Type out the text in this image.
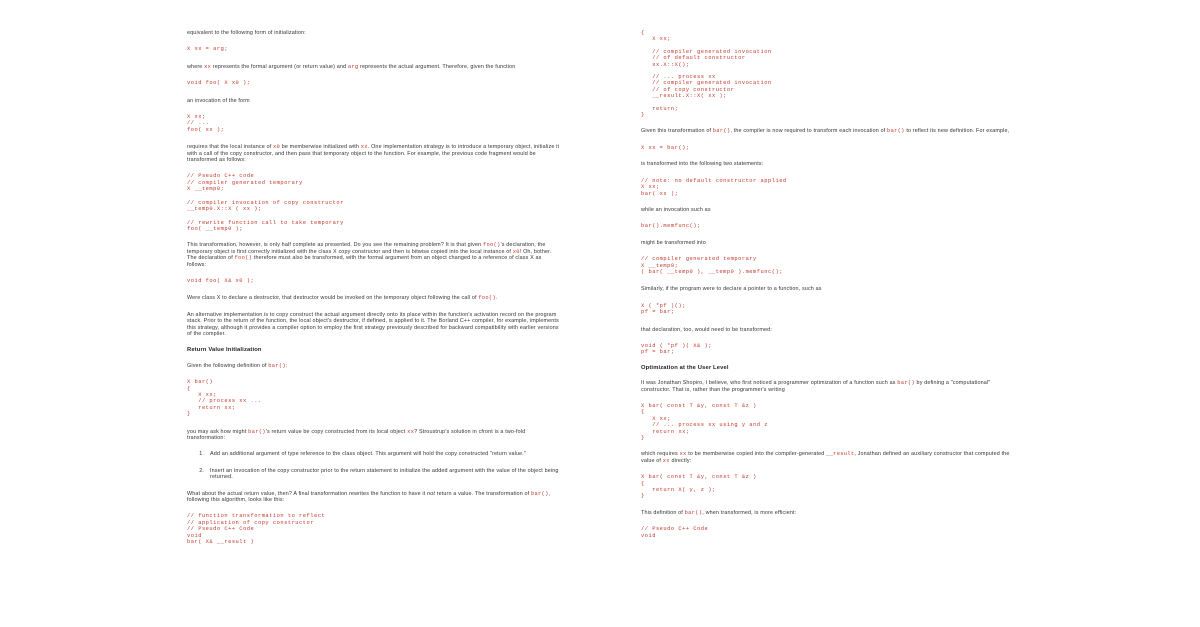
equivalent to the following form of initialization:
X xx = arg;
where xx represents the formal argument (or return value) and arg represents the actual argument. Therefore, given the function
void foo( X x0 );
an invocation of the form
X xx;
// ...
foo( xx );
requires that the local instance of x0 be memberwise initialized with xx. One implementation strategy is to introduce a temporary object, initialize it with a call of the copy constructor, and then pass that temporary object to the function. For example, the previous code fragment would be transformed as follows:
// Pseudo C++ code
// compiler generated temporary
X __temp0;
// compiler invocation of copy constructor
__temp0.X::X ( xx );
// rewrite function call to take temporary
foo( __temp0 );
This transformation, however, is only half complete as presented. Do you see the remaining problem? It is that given foo()'s declaration, the temporary object is first correctly initialized with the class X copy constructor and then is bitwise copied into the local instance of x0! Oh, bother. The declaration of foo() therefore must also be transformed, with the formal argument from an object changed to a reference of class X as follows:
void foo( X& x0 );
Were class X to declare a destructor, that destructor would be invoked on the temporary object following the call of foo().
An alternative implementation is to copy construct the actual argument directly onto its place within the function's activation record on the program stack. Prior to the return of the function, the local object's destructor, if defined, is applied to it. The Borland C++ compiler, for example, implements this strategy, although it provides a compiler option to employ the first strategy previously described for backward compatibility with earlier versions of the compiler.
Return Value Initialization
Given the following definition of bar():
X bar()
{
X xx;
// process xx ...
return xx;
}
you may ask how might bar()'s return value be copy constructed from its local object xx? Stroustrup's solution in cfront is a two-fold transformation:
1.	Add an additional argument of type reference to the class object. This argument will hold the copy constructed "return value."
2.	Insert an invocation of the copy constructor prior to the return statement to initialize the added argument with the value of the object being returned.
What about the actual return value, then? A final transformation rewrites the function to have it not return a value. The transformation of bar(), following this algorithm, looks like this:
// function transformation to reflect
// application of copy constructor
// Pseudo C++ Code
void
bar( X& __result )
{
X xx;
// compiler generated invocation
// of default constructor
xx.X::X();
// ... process xx
// compiler generated invocation
// of copy constructor
__result.X::X( xx );
return;
}
Given this transformation of bar(), the compiler is now required to transform each invocation of bar() to reflect its new definition. For example,
X xx = bar();
is transformed into the following two statements:
// note: no default constructor applied
X xx;
bar( xx );
while an invocation such as
bar().memfunc();
might be transformed into
// compiler generated temporary
X __temp0;
( bar( __temp0 ), __temp0 ).memfunc();
Similarly, if the program were to declare a pointer to a function, such as
X ( *pf )();
pf = bar;
that declaration, too, would need to be transformed:
void ( *pf )( X& );
pf = bar;
Optimization at the User Level
It was Jonathan Shopiro, I believe, who first noticed a programmer optimization of a function such as bar() by defining a "computational" constructor. That is, rather than the programmer's writing
X bar( const T &y, const T &z )
{
X xx;
// ... process xx using y and z
return xx;
}
which requires xx to be memberwise copied into the compiler-generated __result, Jonathan defined an auxiliary constructor that computed the value of xx directly:
X bar( const T &y, const T &z )
{
return X( y, z );
}
This definition of bar(), when transformed, is more efficient:
// Pseudo C++ Code
void
